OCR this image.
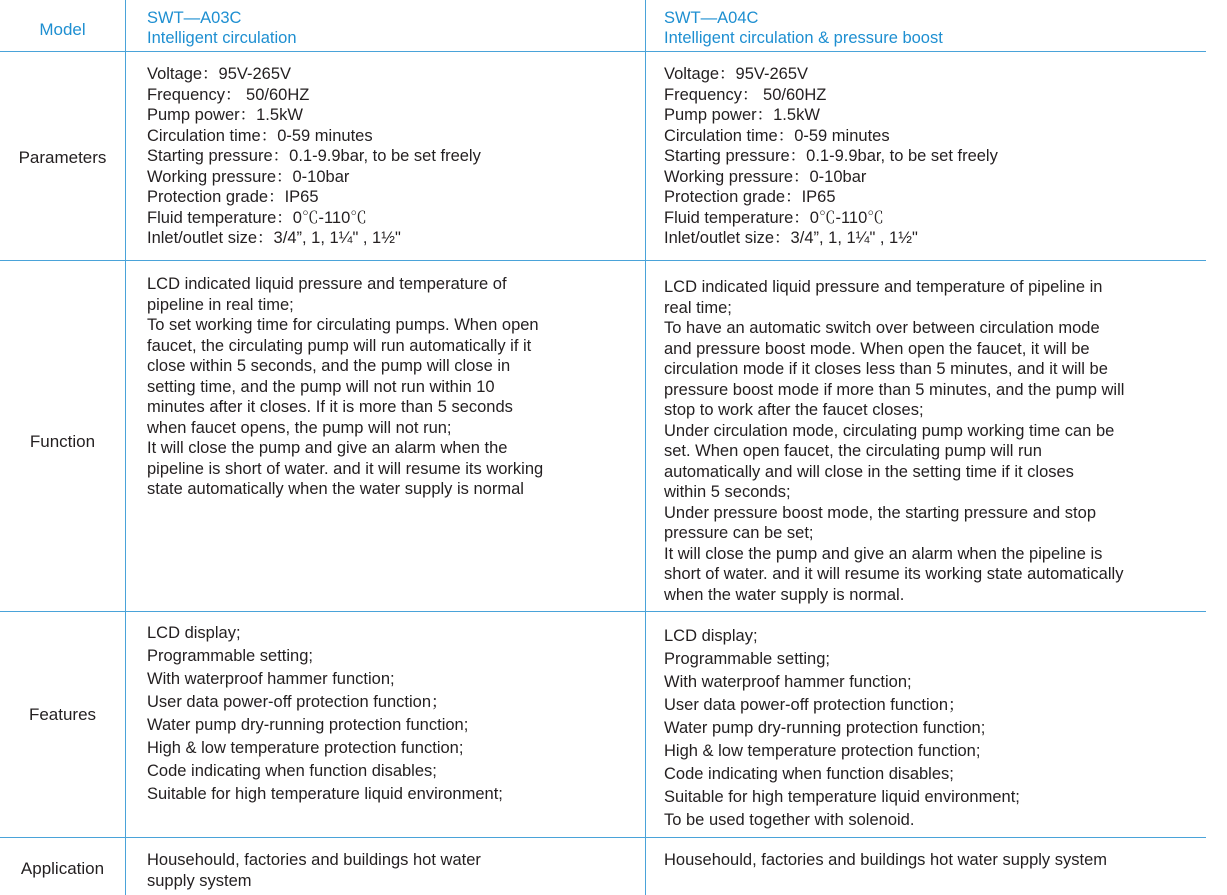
Model
Parameters
Function
Features
Application
SWT—A03C
Intelligent circulation
SWT—A04C
Intelligent circulation & pressure boost
Voltage：95V-265V
Frequency： 50/60HZ
Pump power：1.5kW
Circulation time：0-59 minutes
Starting pressure：0.1-9.9bar, to be set freely
Working pressure：0-10bar
Protection grade：IP65
Fluid temperature：0℃-110℃
Inlet/outlet size：3/4”, 1, 1¼" , 1½"
Voltage：95V-265V
Frequency： 50/60HZ
Pump power：1.5kW
Circulation time：0-59 minutes
Starting pressure：0.1-9.9bar, to be set freely
Working pressure：0-10bar
Protection grade：IP65
Fluid temperature：0℃-110℃
Inlet/outlet size：3/4”, 1, 1¼" , 1½"
LCD indicated liquid pressure and temperature of
pipeline in real time;
To set working time for circulating pumps. When open
faucet, the circulating pump will run automatically if it
close within 5 seconds, and the pump will close in
setting time, and the pump will not run within 10
minutes after it closes. If it is more than 5 seconds
when faucet opens, the pump will not run;
It will close the pump and give an alarm when the
pipeline is short of water. and it will resume its working
state automatically when the water supply is normal
LCD indicated liquid pressure and temperature of pipeline in
real time;
To have an automatic switch over between circulation mode
and pressure boost mode. When open the faucet, it will be
circulation mode if it closes less than 5 minutes, and it will be
pressure boost mode if more than 5 minutes, and the pump will
stop to work after the faucet closes;
Under circulation mode, circulating pump working time can be
set. When open faucet, the circulating pump will run
automatically and will close in the setting time if it closes
within 5 seconds;
Under pressure boost mode, the starting pressure and stop
pressure can be set;
It will close the pump and give an alarm when the pipeline is
short of water. and it will resume its working state automatically
when the water supply is normal.
LCD display;
Programmable setting;
With waterproof hammer function;
User data power-off protection function；
Water pump dry-running protection function;
High & low temperature protection function;
Code indicating when function disables;
Suitable for high temperature liquid environment;
LCD display;
Programmable setting;
With waterproof hammer function;
User data power-off protection function；
Water pump dry-running protection function;
High & low temperature protection function;
Code indicating when function disables;
Suitable for high temperature liquid environment;
To be used together with solenoid.
Househould, factories and buildings hot water
supply system
Househould, factories and buildings hot water supply system
